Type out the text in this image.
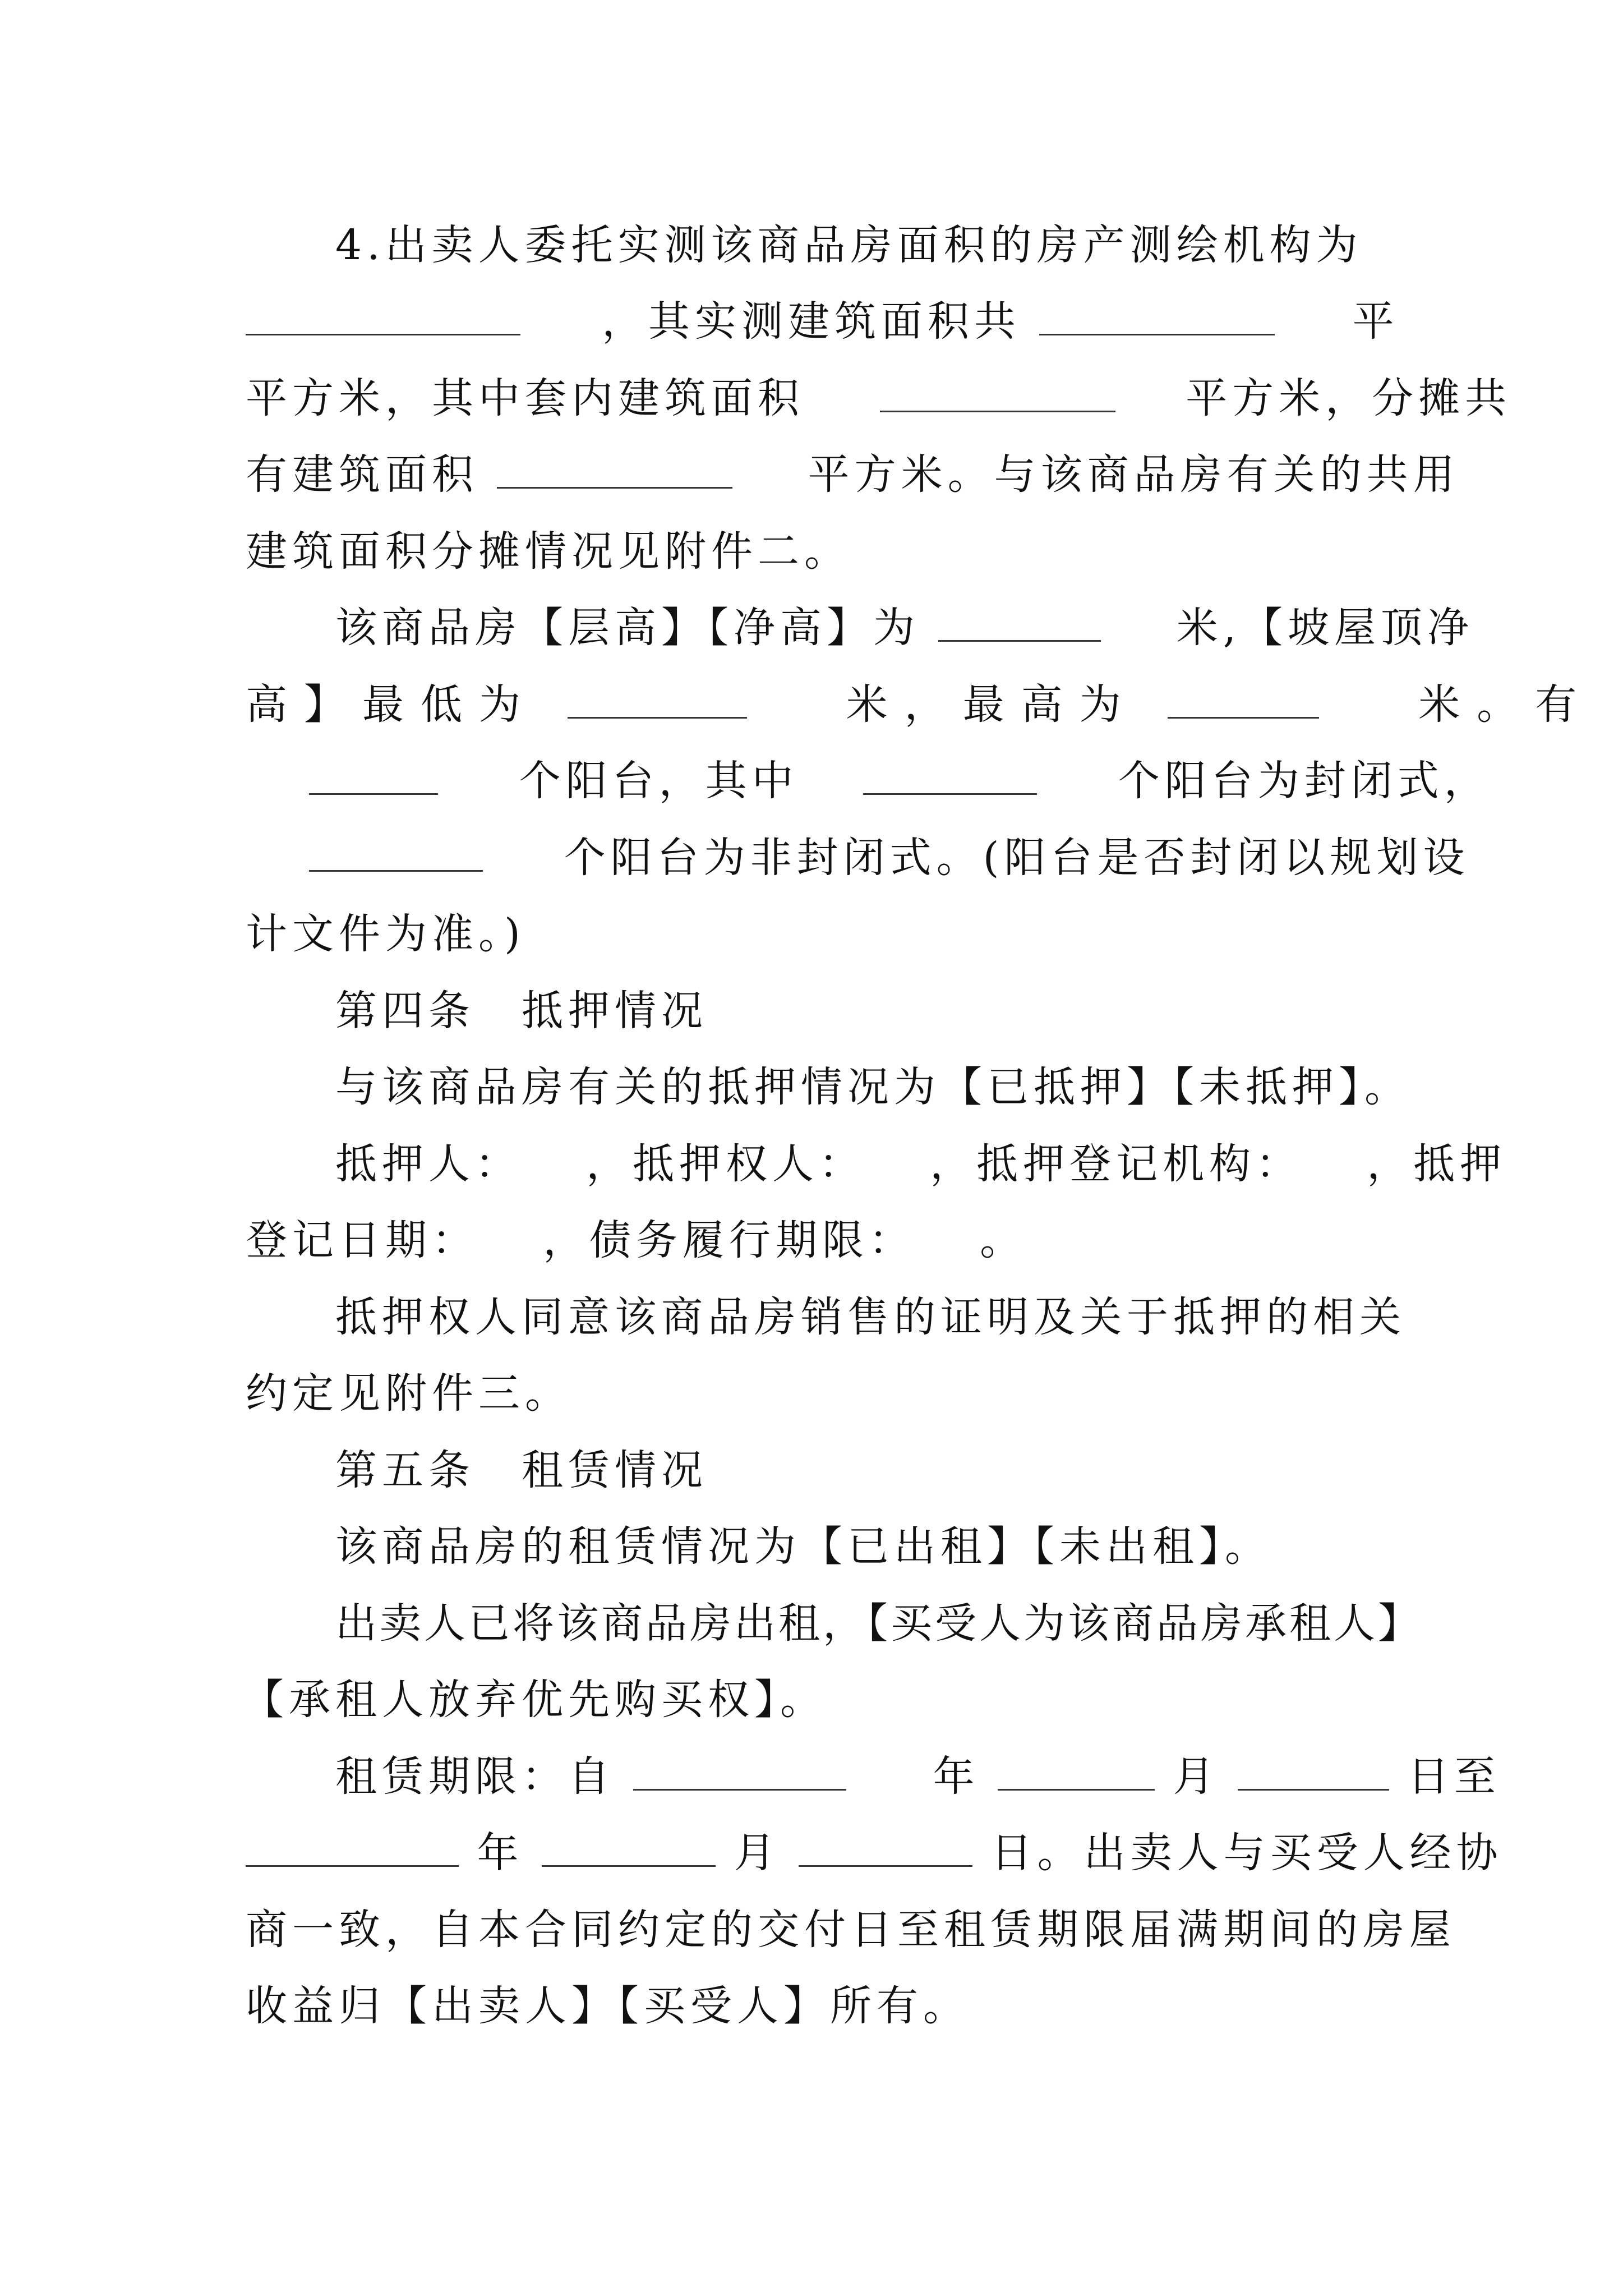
4.出卖人委托实测该商品房面积的房产测绘机构为
，其实测建筑面积共	平
平方米，其中套内建筑面积	平方米，分摊共
有建筑面积	平方米。与该商品房有关的共用
建筑面积分摊情况见附件二。
该商品房【层高】【净高】为	米,【坡屋顶净
高】最低为	米，最高为	米。有
个阳台，其中	个阳台为封闭式，
个阳台为非封闭式。(阳台是否封闭以规划设
计文件为准。)
第四条　抵押情况
与该商品房有关的抵押情况为【已抵押】【未抵押】。
抵押人： ，抵押权人： ，抵押登记机构： ，抵押
登记日期： ，债务履行期限： 。
抵押权人同意该商品房销售的证明及关于抵押的相关
约定见附件三。
第五条　租赁情况
该商品房的租赁情况为【已出租】【未出租】。
出卖人已将该商品房出租，【买受人为该商品房承租人】
【承租人放弃优先购买权】。
租赁期限：自	年	月	日至
年	月	日。出卖人与买受人经协
商一致，自本合同约定的交付日至租赁期限届满期间的房屋
收益归【出卖人】【买受人】所有。
